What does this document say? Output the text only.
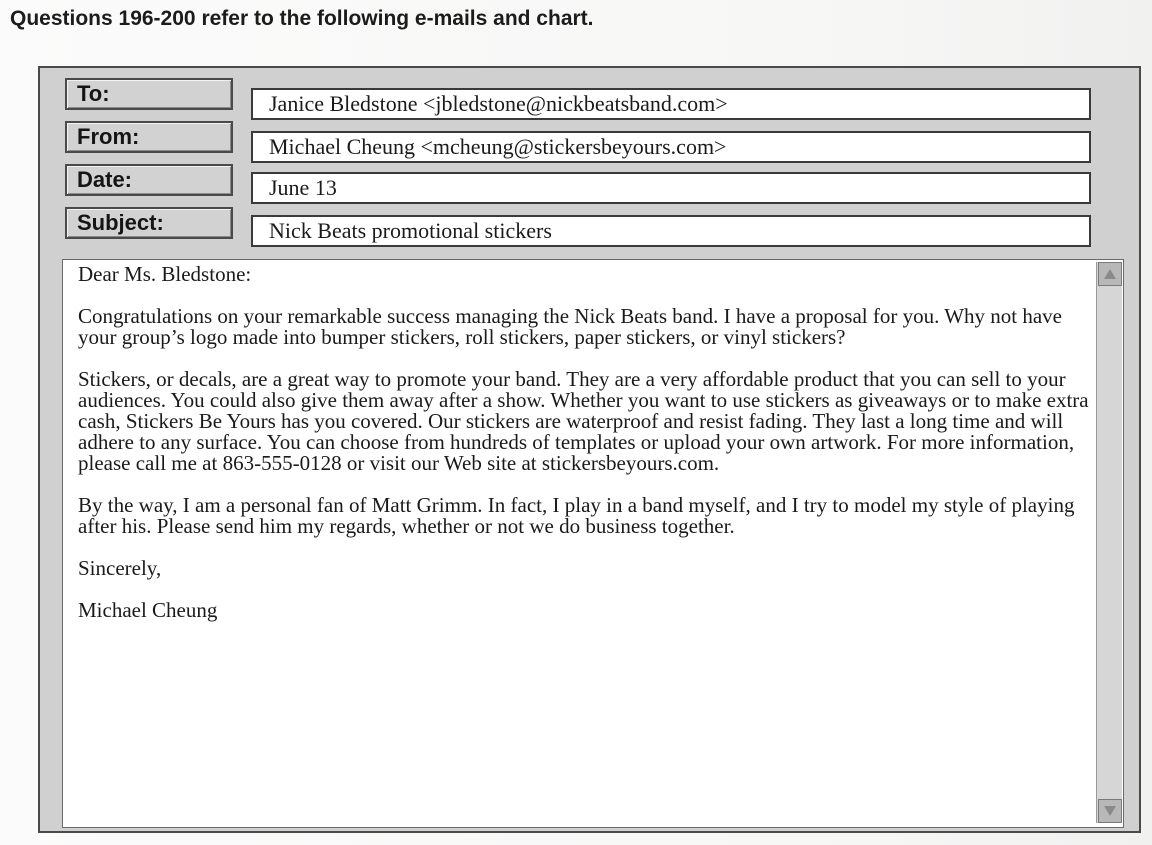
Questions 196-200 refer to the following e-mails and chart.
To:	Janice Bledstone <jbledstone@nickbeatsband.com>
From:	Michael Cheung <mcheung@stickersbeyours.com>
Date:	June 13
Subject:	Nick Beats promotional stickers

Dear Ms. Bledstone:

Congratulations on your remarkable success managing the Nick Beats band. I have a proposal for you. Why not have your group’s logo made into bumper stickers, roll stickers, paper stickers, or vinyl stickers?

Stickers, or decals, are a great way to promote your band. They are a very affordable product that you can sell to your audiences. You could also give them away after a show. Whether you want to use stickers as giveaways or to make extra cash, Stickers Be Yours has you covered. Our stickers are waterproof and resist fading. They last a long time and will adhere to any surface. You can choose from hundreds of templates or upload your own artwork. For more information, please call me at 863-555-0128 or visit our Web site at stickersbeyours.com.

By the way, I am a personal fan of Matt Grimm. In fact, I play in a band myself, and I try to model my style of playing after his. Please send him my regards, whether or not we do business together.

Sincerely,

Michael Cheung
